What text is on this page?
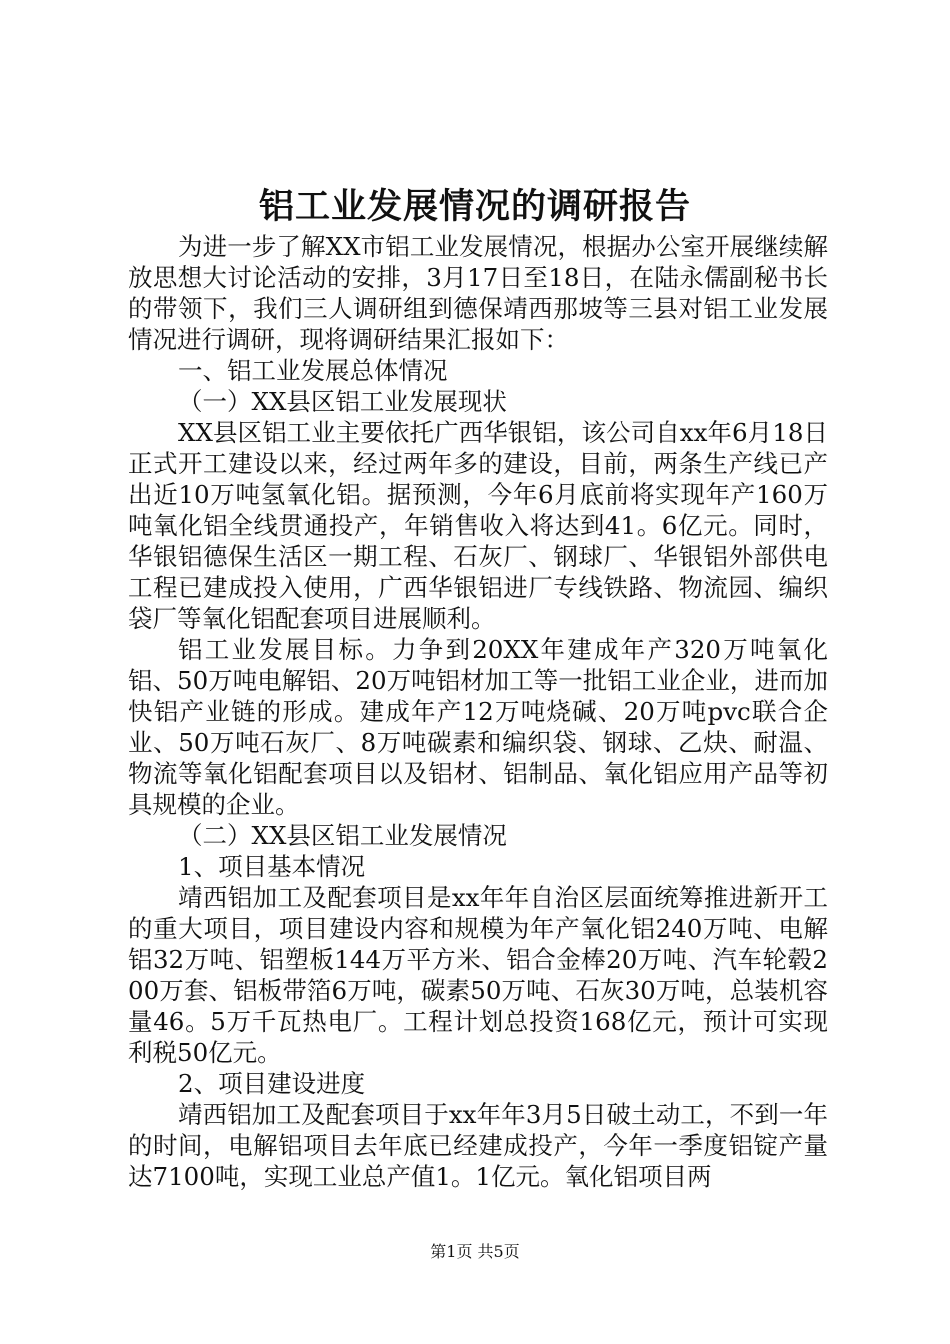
铝工业发展情况的调研报告

为进一步了解XX市铝工业发展情况，根据办公室开展继续解放思想大讨论活动的安排，3月17日至18日，在陆永儒副秘书长的带领下，我们三人调研组到德保靖西那坡等三县对铝工业发展情况进行调研，现将调研结果汇报如下：

一、铝工业发展总体情况

（一）XX县区铝工业发展现状

XX县区铝工业主要依托广西华银铝，该公司自xx年6月18日正式开工建设以来，经过两年多的建设，目前，两条生产线已产出近10万吨氢氧化铝。据预测，今年6月底前将实现年产160万吨氧化铝全线贯通投产，年销售收入将达到41。6亿元。同时，华银铝德保生活区一期工程、石灰厂、钢球厂、华银铝外部供电工程已建成投入使用，广西华银铝进厂专线铁路、物流园、编织袋厂等氧化铝配套项目进展顺利。

铝工业发展目标。力争到20XX年建成年产320万吨氧化铝、50万吨电解铝、20万吨铝材加工等一批铝工业企业，进而加快铝产业链的形成。建成年产12万吨烧碱、20万吨pvc联合企业、50万吨石灰厂、8万吨碳素和编织袋、钢球、乙炔、耐温、物流等氧化铝配套项目以及铝材、铝制品、氧化铝应用产品等初具规模的企业。

（二）XX县区铝工业发展情况

1、项目基本情况

靖西铝加工及配套项目是xx年年自治区层面统筹推进新开工的重大项目，项目建设内容和规模为年产氧化铝240万吨、电解铝32万吨、铝塑板144万平方米、铝合金棒20万吨、汽车轮毂200万套、铝板带箔6万吨，碳素50万吨、石灰30万吨，总装机容量46。5万千瓦热电厂。工程计划总投资168亿元，预计可实现利税50亿元。

2、项目建设进度

靖西铝加工及配套项目于xx年年3月5日破土动工，不到一年的时间，电解铝项目去年底已经建成投产，今年一季度铝锭产量达7100吨，实现工业总产值1。1亿元。氧化铝项目两

第1页 共5页
